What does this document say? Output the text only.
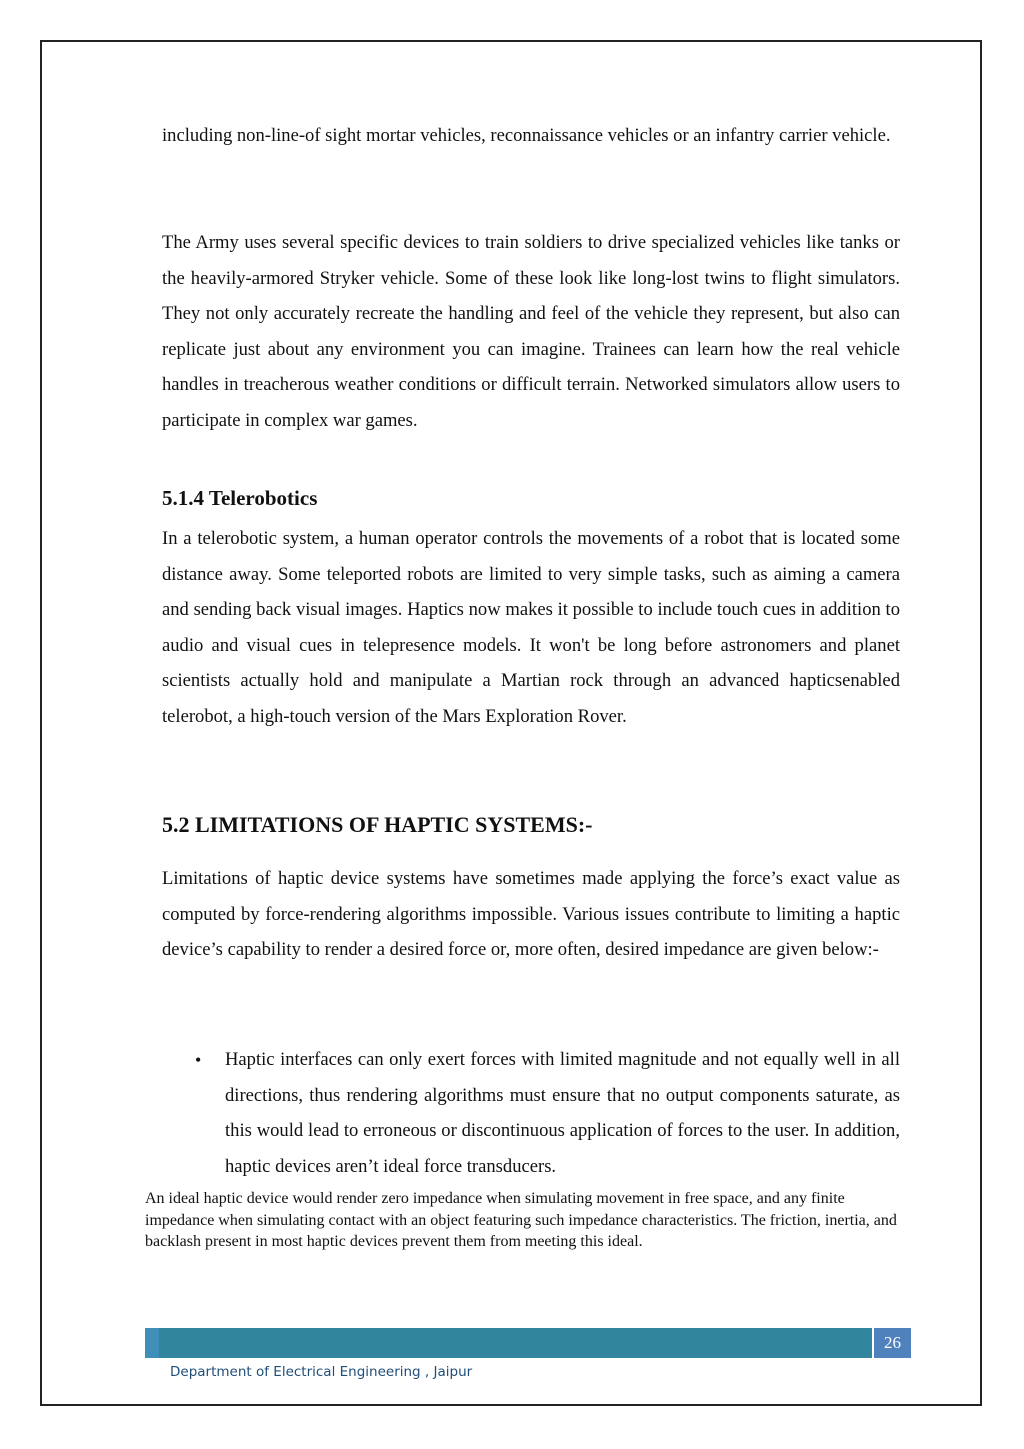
including non-line-of sight mortar vehicles, reconnaissance vehicles or an infantry carrier vehicle.

The Army uses several specific devices to train soldiers to drive specialized vehicles like tanks or the heavily-armored Stryker vehicle. Some of these look like long-lost twins to flight simulators. They not only accurately recreate the handling and feel of the vehicle they represent, but also can replicate just about any environment you can imagine. Trainees can learn how the real vehicle handles in treacherous weather conditions or difficult terrain. Networked simulators allow users to participate in complex war games.

5.1.4 Telerobotics

In a telerobotic system, a human operator controls the movements of a robot that is located some distance away. Some teleported robots are limited to very simple tasks, such as aiming a camera and sending back visual images. Haptics now makes it possible to include touch cues in addition to audio and visual cues in telepresence models. It won't be long before astronomers and planet scientists actually hold and manipulate a Martian rock through an advanced hapticsenabled telerobot, a high-touch version of the Mars Exploration Rover.

5.2 LIMITATIONS OF HAPTIC SYSTEMS:-

Limitations of haptic device systems have sometimes made applying the force’s exact value as computed by force-rendering algorithms impossible. Various issues contribute to limiting a haptic device’s capability to render a desired force or, more often, desired impedance are given below:-

• Haptic interfaces can only exert forces with limited magnitude and not equally well in all directions, thus rendering algorithms must ensure that no output components saturate, as this would lead to erroneous or discontinuous application of forces to the user. In addition, haptic devices aren’t ideal force transducers.

An ideal haptic device would render zero impedance when simulating movement in free space, and any finite impedance when simulating contact with an object featuring such impedance characteristics. The friction, inertia, and backlash present in most haptic devices prevent them from meeting this ideal.

26
Department of Electrical Engineering , Jaipur
